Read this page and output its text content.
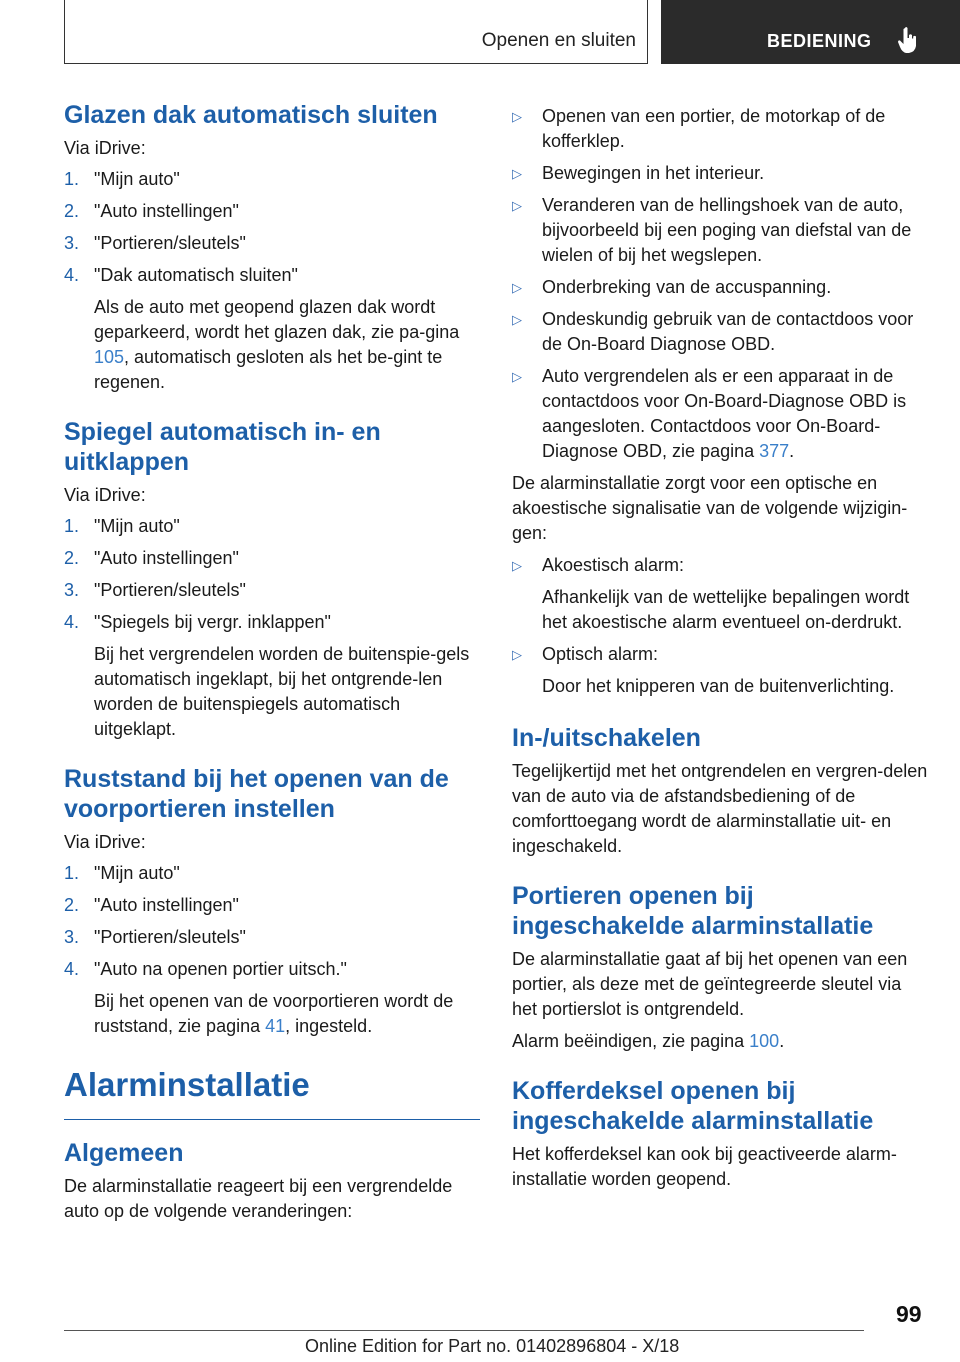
Openen en sluiten	BEDIENING
Glazen dak automatisch sluiten

Via iDrive:

1. "Mijn auto"
2. "Auto instellingen"
3. "Portieren/sleutels"
4. "Dak automatisch sluiten"
Als de auto met geopend glazen dak wordt geparkeerd, wordt het glazen dak, zie pa-gina 105, automatisch gesloten als het be-gint te regenen.
Spiegel automatisch in- en uitklappen

Via iDrive:

1. "Mijn auto"
2. "Auto instellingen"
3. "Portieren/sleutels"
4. "Spiegels bij vergr. inklappen"
Bij het vergrendelen worden de buitenspie-gels automatisch ingeklapt, bij het ontgrende-len worden de buitenspiegels automatisch uitgeklapt.
Ruststand bij het openen van de voorportieren instellen

Via iDrive:

1. "Mijn auto"
2. "Auto instellingen"
3. "Portieren/sleutels"
4. "Auto na openen portier uitsch."
Bij het openen van de voorportieren wordt de ruststand, zie pagina 41, ingesteld.
Alarminstallatie
Algemeen

De alarminstallatie reageert bij een vergrendelde auto op de volgende veranderingen:

▷ Openen van een portier, de motorkap of de kofferklep.
▷ Bewegingen in het interieur.
▷ Veranderen van de hellingshoek van de auto, bijvoorbeeld bij een poging van diefstal van de wielen of bij het wegslepen.
▷ Onderbreking van de accuspanning.
▷ Ondeskundig gebruik van de contactdoos voor de On-Board Diagnose OBD.
▷ Auto vergrendelen als er een apparaat in de contactdoos voor On-Board-Diagnose OBD is aangesloten. Contactdoos voor On-Board-Diagnose OBD, zie pagina 377.

De alarminstallatie zorgt voor een optische en akoestische signalisatie van de volgende wijzigin-gen:

▷ Akoestisch alarm:
Afhankelijk van de wettelijke bepalingen wordt het akoestische alarm eventueel on-derdrukt.
▷ Optisch alarm:
Door het knipperen van de buitenverlichting.
In-/uitschakelen

Tegelijkertijd met het ontgrendelen en vergren-delen van de auto via de afstandsbediening of de comforttoegang wordt de alarminstallatie uit- en ingeschakeld.

Portieren openen bij ingeschakelde alarminstallatie

De alarminstallatie gaat af bij het openen van een portier, als deze met de geïntegreerde sleutel via het portierslot is ontgrendeld.

Alarm beëindigen, zie pagina 100.

Kofferdeksel openen bij ingeschakelde alarminstallatie

Het kofferdeksel kan ook bij geactiveerde alarm-installatie worden geopend.

99
Online Edition for Part no. 01402896804 - X/18
